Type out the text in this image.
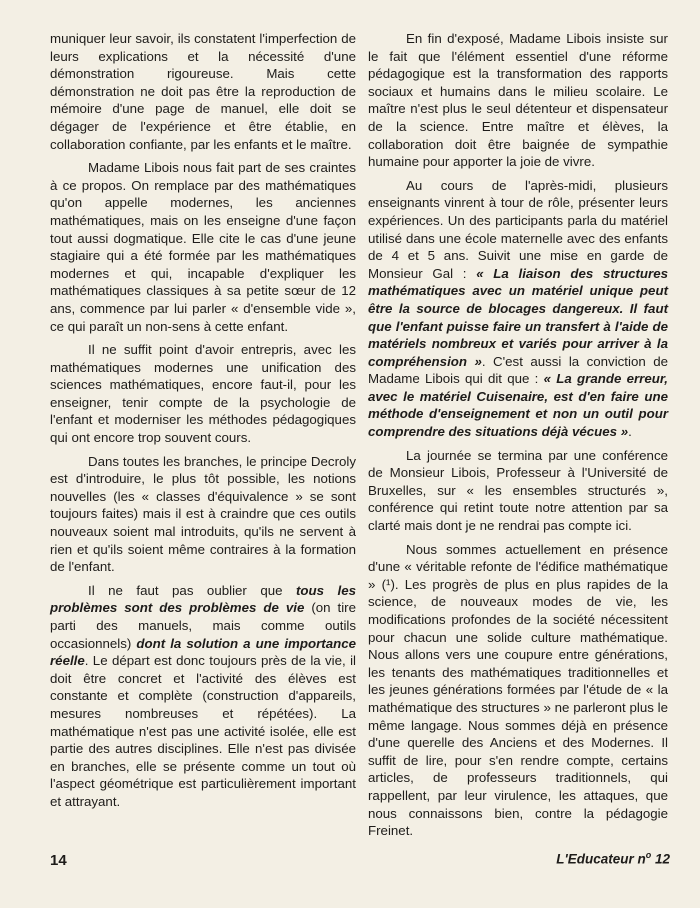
muniquer leur savoir, ils constatent l'imperfection de leurs explications et la nécessité d'une démonstration rigoureuse. Mais cette démonstration ne doit pas être la reproduction de mémoire d'une page de manuel, elle doit se dégager de l'expérience et être établie, en collaboration confiante, par les enfants et le maître.

Madame Libois nous fait part de ses craintes à ce propos. On remplace par des mathématiques qu'on appelle modernes, les anciennes mathématiques, mais on les enseigne d'une façon tout aussi dogmatique. Elle cite le cas d'une jeune stagiaire qui a été formée par les mathématiques modernes et qui, incapable d'expliquer les mathématiques classiques à sa petite sœur de 12 ans, commence par lui parler « d'ensemble vide », ce qui paraît un non-sens à cette enfant.

Il ne suffit point d'avoir entrepris, avec les mathématiques modernes une unification des sciences mathématiques, encore faut-il, pour les enseigner, tenir compte de la psychologie de l'enfant et moderniser les méthodes pédagogiques qui ont encore trop souvent cours.

Dans toutes les branches, le principe Decroly est d'introduire, le plus tôt possible, les notions nouvelles (les « classes d'équivalence » se sont toujours faites) mais il est à craindre que ces outils nouveaux soient mal introduits, qu'ils ne servent à rien et qu'ils soient même contraires à la formation de l'enfant.

Il ne faut pas oublier que tous les problèmes sont des problèmes de vie (on tire parti des manuels, mais comme outils occasionnels) dont la solution a une importance réelle. Le départ est donc toujours près de la vie, il doit être concret et l'activité des élèves est constante et complète (construction d'appareils, mesures nombreuses et répétées). La mathématique n'est pas une activité isolée, elle est partie des autres disciplines. Elle n'est pas divisée en branches, elle se présente comme un tout où l'aspect géométrique est particulièrement important et attrayant.

En fin d'exposé, Madame Libois insiste sur le fait que l'élément essentiel d'une réforme pédagogique est la transformation des rapports sociaux et humains dans le milieu scolaire. Le maître n'est plus le seul détenteur et dispensateur de la science. Entre maître et élèves, la collaboration doit être baignée de sympathie humaine pour apporter la joie de vivre.

Au cours de l'après-midi, plusieurs enseignants vinrent à tour de rôle, présenter leurs expériences. Un des participants parla du matériel utilisé dans une école maternelle avec des enfants de 4 et 5 ans. Suivit une mise en garde de Monsieur Gal : « La liaison des structures mathématiques avec un matériel unique peut être la source de blocages dangereux. Il faut que l'enfant puisse faire un transfert à l'aide de matériels nombreux et variés pour arriver à la compréhension ». C'est aussi la conviction de Madame Libois qui dit que : « La grande erreur, avec le matériel Cuisenaire, est d'en faire une méthode d'enseignement et non un outil pour comprendre des situations déjà vécues ».

La journée se termina par une conférence de Monsieur Libois, Professeur à l'Université de Bruxelles, sur « les ensembles structurés », conférence qui retint toute notre attention par sa clarté mais dont je ne rendrai pas compte ici.

Nous sommes actuellement en présence d'une « véritable refonte de l'édifice mathématique » (¹). Les progrès de plus en plus rapides de la science, de nouveaux modes de vie, les modifications profondes de la société nécessitent pour chacun une solide culture mathématique. Nous allons vers une coupure entre générations, les tenants des mathématiques traditionnelles et les jeunes générations formées par l'étude de « la mathématique des structures » ne parleront plus le même langage. Nous sommes déjà en présence d'une querelle des Anciens et des Modernes. Il suffit de lire, pour s'en rendre compte, certains articles, de professeurs traditionnels, qui rappellent, par leur virulence, les attaques, que nous connaissons bien, contre la pédagogie Freinet.

14	L'Educateur $n^o$ 12
